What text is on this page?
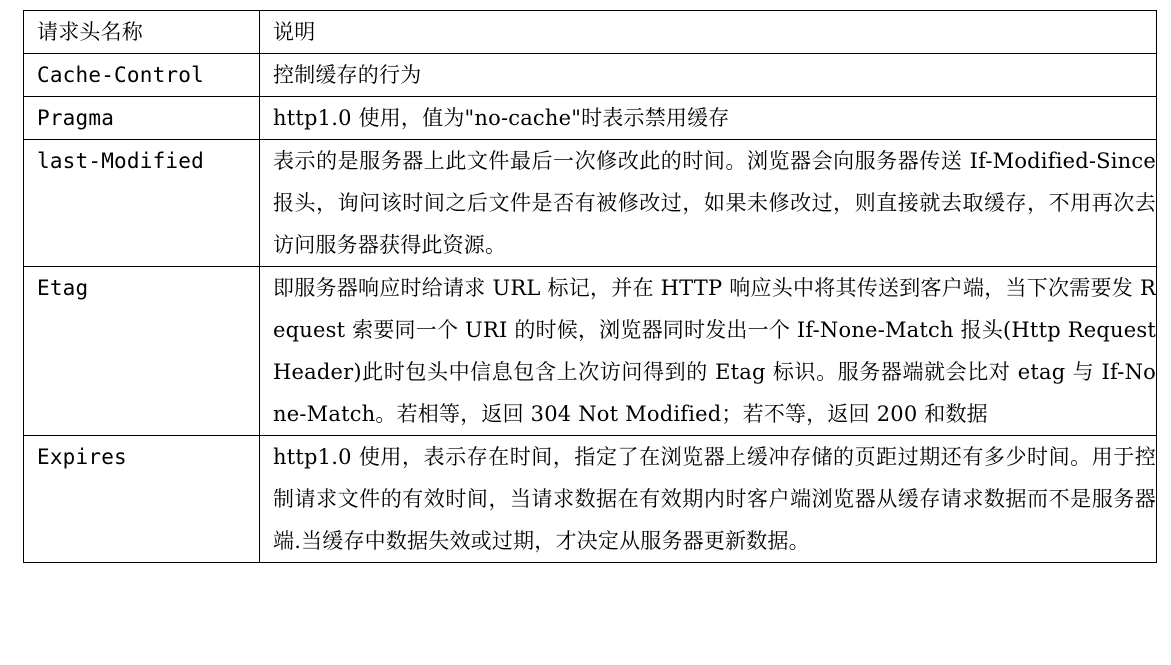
请求头名称	说明
Cache-Control	控制缓存的行为
Pragma	http1.0 使用，值为"no-cache"时表示禁用缓存
last-Modified	表示的是服务器上此文件最后一次修改此的时间。浏览器会向服务器传送 If-Modified-Since 报头，询问该时间之后文件是否有被修改过，如果未修改过，则直接就去取缓存，不用再次去访问服务器获得此资源。
Etag	即服务器响应时给请求 URL 标记，并在 HTTP 响应头中将其传送到客户端，当下次需要发 Request 索要同一个 URI 的时候，浏览器同时发出一个 If-None-Match 报头(Http RequestHeader)此时包头中信息包含上次访问得到的 Etag 标识。服务器端就会比对 etag 与 If-None-Match。若相等，返回 304 Not Modified；若不等，返回 200 和数据
Expires	http1.0 使用，表示存在时间，指定了在浏览器上缓冲存储的页距过期还有多少时间。用于控制请求文件的有效时间，当请求数据在有效期内时客户端浏览器从缓存请求数据而不是服务器端.当缓存中数据失效或过期，才决定从服务器更新数据。
